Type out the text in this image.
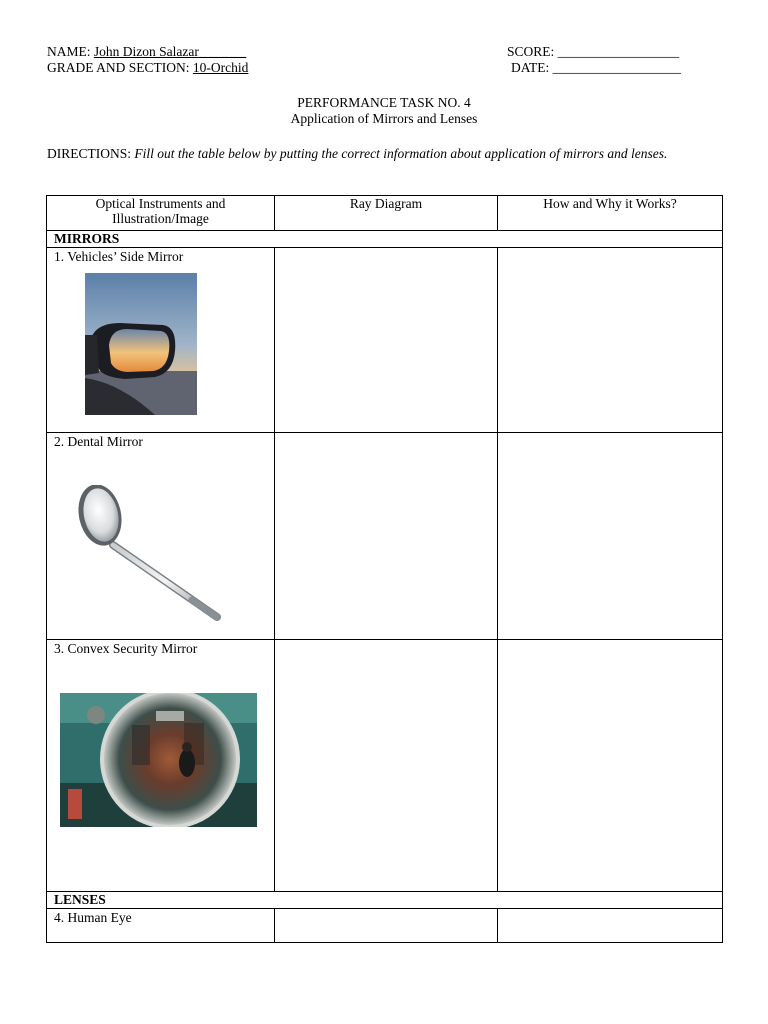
NAME: John Dizon Salazar_______
GRADE AND SECTION: 10-Orchid
SCORE: __________________
DATE: ___________________
PERFORMANCE TASK NO. 4
Application of Mirrors and Lenses
DIRECTIONS: Fill out the table below by putting the correct information about application of mirrors and lenses.
Optical Instruments and Illustration/Image	Ray Diagram	How and Why it Works?
MIRRORS		

1. Vehicles’ Side Mirror		

2. Dental Mirror		

3. Convex Security Mirror		

LENSES		

4. Human Eye		
